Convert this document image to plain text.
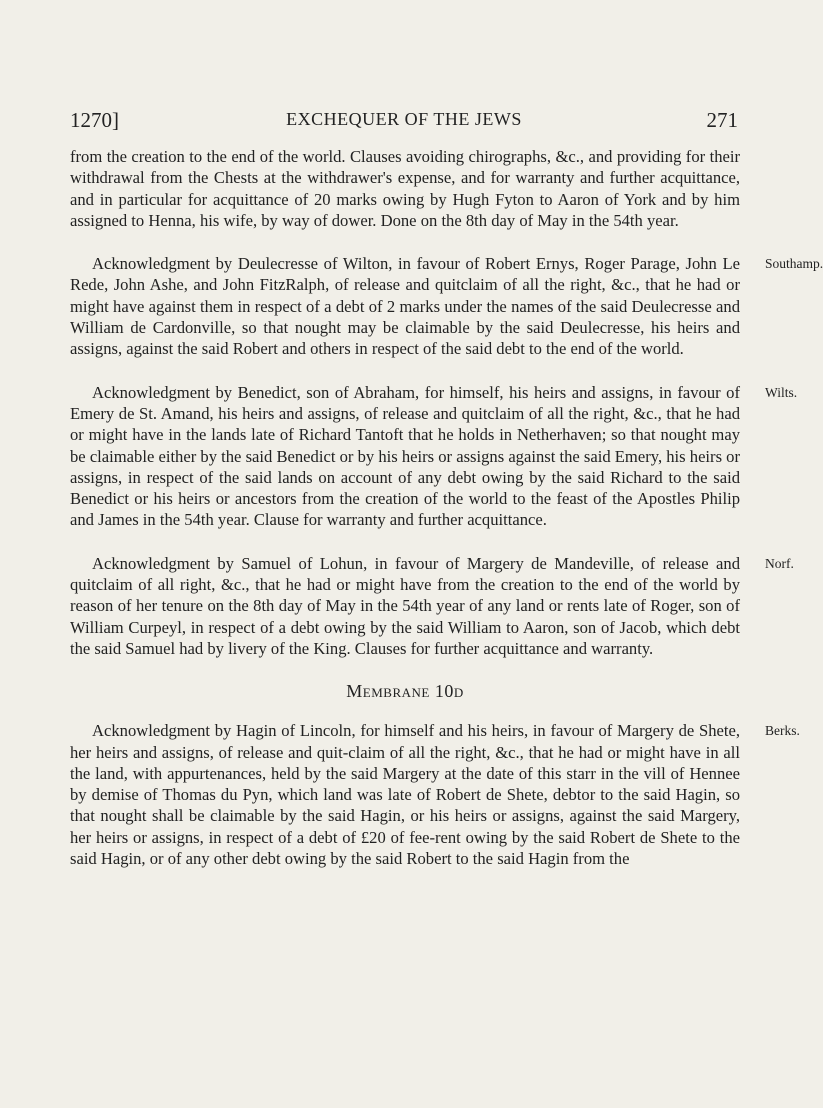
1270]	EXCHEQUER OF THE JEWS	271

from the creation to the end of the world. Clauses avoiding chirographs, &c., and providing for their withdrawal from the Chests at the withdrawer's expense, and for warranty and further acquittance, and in particular for acquittance of 20 marks owing by Hugh Fyton to Aaron of York and by him assigned to Henna, his wife, by way of dower. Done on the 8th day of May in the 54th year.

Acknowledgment by Deulecresse of Wilton, in favour of Robert Ernys, Roger Parage, John Le Rede, John Ashe, and John FitzRalph, of release and quitclaim of all the right, &c., that he had or might have against them in respect of a debt of 2 marks under the names of the said Deulecresse and William de Cardonville, so that nought may be claimable by the said Deulecresse, his heirs and assigns, against the said Robert and others in respect of the said debt to the end of the world.
Southamp.

Acknowledgment by Benedict, son of Abraham, for himself, his heirs and assigns, in favour of Emery de St. Amand, his heirs and assigns, of release and quitclaim of all the right, &c., that he had or might have in the lands late of Richard Tantoft that he holds in Netherhaven; so that nought may be claimable either by the said Benedict or by his heirs or assigns against the said Emery, his heirs or assigns, in respect of the said lands on account of any debt owing by the said Richard to the said Benedict or his heirs or ancestors from the creation of the world to the feast of the Apostles Philip and James in the 54th year. Clause for warranty and further acquittance.
Wilts.

Acknowledgment by Samuel of Lohun, in favour of Margery de Mandeville, of release and quitclaim of all right, &c., that he had or might have from the creation to the end of the world by reason of her tenure on the 8th day of May in the 54th year of any land or rents late of Roger, son of William Curpeyl, in respect of a debt owing by the said William to Aaron, son of Jacob, which debt the said Samuel had by livery of the King. Clauses for further acquittance and warranty.
Norf.

Membrane 10d

Acknowledgment by Hagin of Lincoln, for himself and his heirs, in favour of Margery de Shete, her heirs and assigns, of release and quit-claim of all the right, &c., that he had or might have in all the land, with appurtenances, held by the said Margery at the date of this starr in the vill of Hennee by demise of Thomas du Pyn, which land was late of Robert de Shete, debtor to the said Hagin, so that nought shall be claimable by the said Hagin, or his heirs or assigns, against the said Margery, her heirs or assigns, in respect of a debt of £20 of fee-rent owing by the said Robert de Shete to the said Hagin, or of any other debt owing by the said Robert to the said Hagin from the
Berks.
